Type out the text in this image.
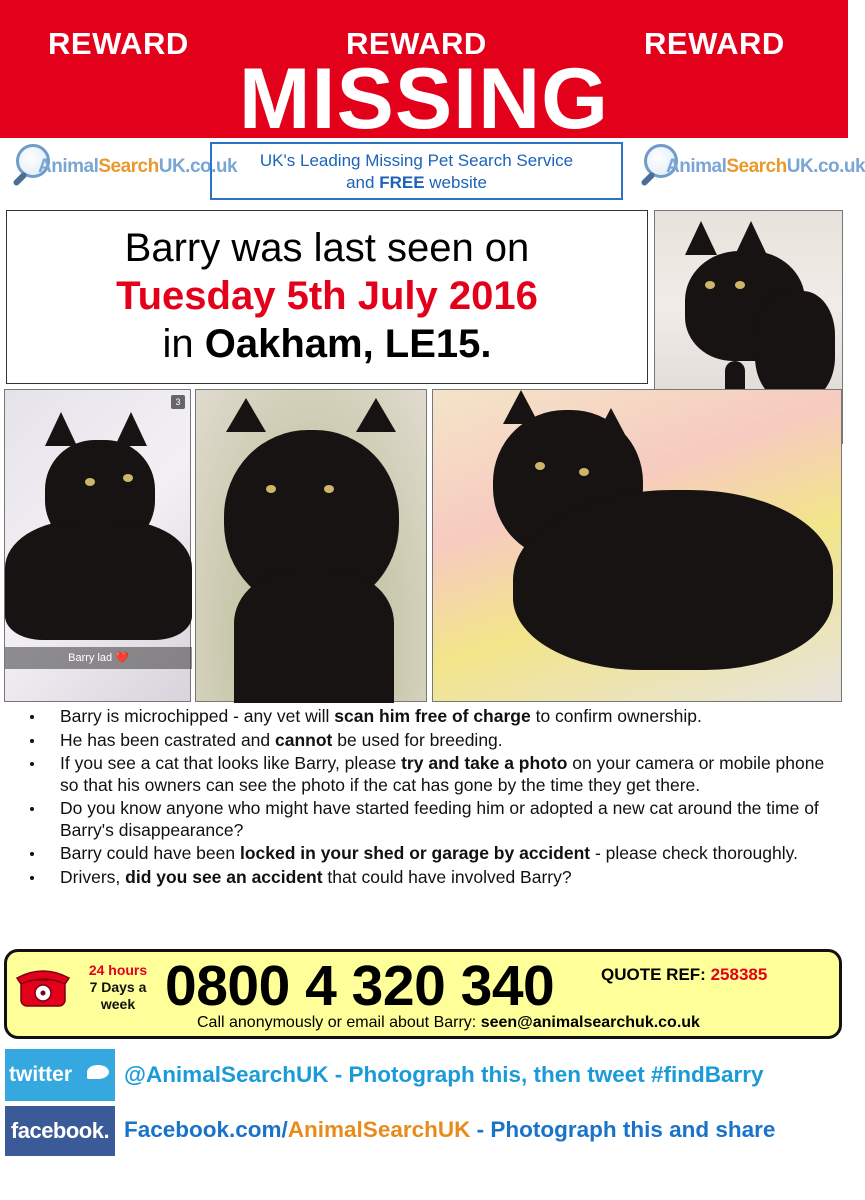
REWARD	REWARD	REWARD
MISSING
AnimalSearchUK.co.uk	UK's Leading Missing Pet Search Service
and FREE website
AnimalSearchUK.co.uk
Barry was last seen on
Tuesday 5th July 2016
in Oakham, LE15.
3
Barry lad ❤️
Barry is microchipped - any vet will scan him free of charge to confirm ownership.
He has been castrated and cannot be used for breeding.
If you see a cat that looks like Barry, please try and take a photo on your camera or mobile phone so that his owners can see the photo if the cat has gone by the time they get there.
Do you know anyone who might have started feeding him or adopted a new cat around the time of Barry's disappearance?
Barry could have been locked in your shed or garage by accident - please check thoroughly.
Drivers, did you see an accident that could have involved Barry?
24 hours
7 Days a
week 0800 4 320 340	QUOTE REF: 258385
Call anonymously or email about Barry: seen@animalsearchuk.co.uk
twitter	@AnimalSearchUK - Photograph this, then tweet #findBarry
facebook. Facebook.com/AnimalSearchUK - Photograph this and share
